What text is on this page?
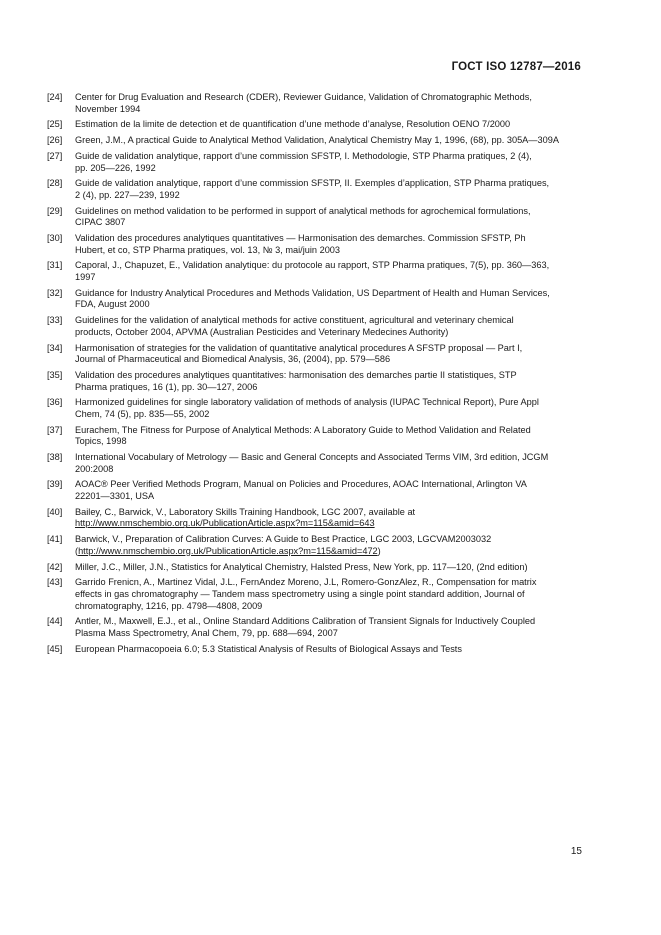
ГОСТ ISO 12787—2016
[24]	Center for Drug Evaluation and Research (CDER), Reviewer Guidance, Validation of Chromatographic Methods,
November 1994
[25]	Estimation de la limite de detection et de quantification d’une methode d’analyse, Resolution OENO 7/2000
[26]	Green, J.M., A practical Guide to Analytical Method Validation, Analytical Chemistry May 1, 1996, (68), pp. 305A—309A
[27]	Guide de validation analytique, rapport d’une commission SFSTP, I. Methodologie, STP Pharma pratiques, 2 (4),
pp. 205—226, 1992
[28]	Guide de validation analytique, rapport d’une commission SFSTP, II. Exemples d’application, STP Pharma pratiques,
2 (4), pp. 227—239, 1992
[29]	Guidelines on method validation to be performed in support of analytical methods for agrochemical formulations,
CIPAC 3807
[30]	Validation des procedures analytiques quantitatives — Harmonisation des demarches. Commission SFSTP, Ph
Hubert, et co, STP Pharma pratiques, vol. 13, № 3, mai/juin 2003
[31]	Caporal, J., Chapuzet, E., Validation analytique: du protocole au rapport, STP Pharma pratiques, 7(5), pp. 360—363,
1997
[32]	Guidance for Industry Analytical Procedures and Methods Validation, US Department of Health and Human Services,
FDA, August 2000
[33]	Guidelines for the validation of analytical methods for active constituent, agricultural and veterinary chemical
products, October 2004, APVMA (Australian Pesticides and Veterinary Medecines Authority)
[34]	Harmonisation of strategies for the validation of quantitative analytical procedures A SFSTP proposal — Part I,
Journal of Pharmaceutical and Biomedical Analysis, 36, (2004), pp. 579—586
[35]	Validation des procedures analytiques quantitatives: harmonisation des demarches partie II statistiques, STP
Pharma pratiques, 16 (1), pp. 30—127, 2006
[36]	Harmonized guidelines for single laboratory validation of methods of analysis (IUPAC Technical Report), Pure Appl
Chem, 74 (5), pp. 835—55, 2002
[37]	Eurachem, The Fitness for Purpose of Analytical Methods: A Laboratory Guide to Method Validation and Related
Topics, 1998
[38]	International Vocabulary of Metrology — Basic and General Concepts and Associated Terms VIM, 3rd edition, JCGM
200:2008
[39]	AOAC® Peer Verified Methods Program, Manual on Policies and Procedures, AOAC International, Arlington VA
22201—3301, USA
[40]	Bailey, C., Barwick, V., Laboratory Skills Training Handbook, LGC 2007, available at
http://www.nmschembio.org.uk/PublicationArticle.aspx?m=115&amid=643
[41]	Barwick, V., Preparation of Calibration Curves: A Guide to Best Practice, LGC 2003, LGCVAM2003032
(http://www.nmschembio.org.uk/PublicationArticle.aspx?m=115&amid=472)
[42]	Miller, J.C., Miller, J.N., Statistics for Analytical Chemistry, Halsted Press, New York, pp. 117—120, (2nd edition)
[43]	Garrido Frenicn, A., Martinez Vidal, J.L., FernAndez Moreno, J.L, Romero-GonzAlez, R., Compensation for matrix
effects in gas chromatography — Tandem mass spectrometry using a single point standard addition, Journal of
chromatography, 1216, pp. 4798—4808, 2009
[44]	Antler, M., Maxwell, E.J., et al., Online Standard Additions Calibration of Transient Signals for Inductively Coupled
Plasma Mass Spectrometry, Anal Chem, 79, pp. 688—694, 2007
[45]	European Pharmacopoeia 6.0; 5.3 Statistical Analysis of Results of Biological Assays and Tests
15
